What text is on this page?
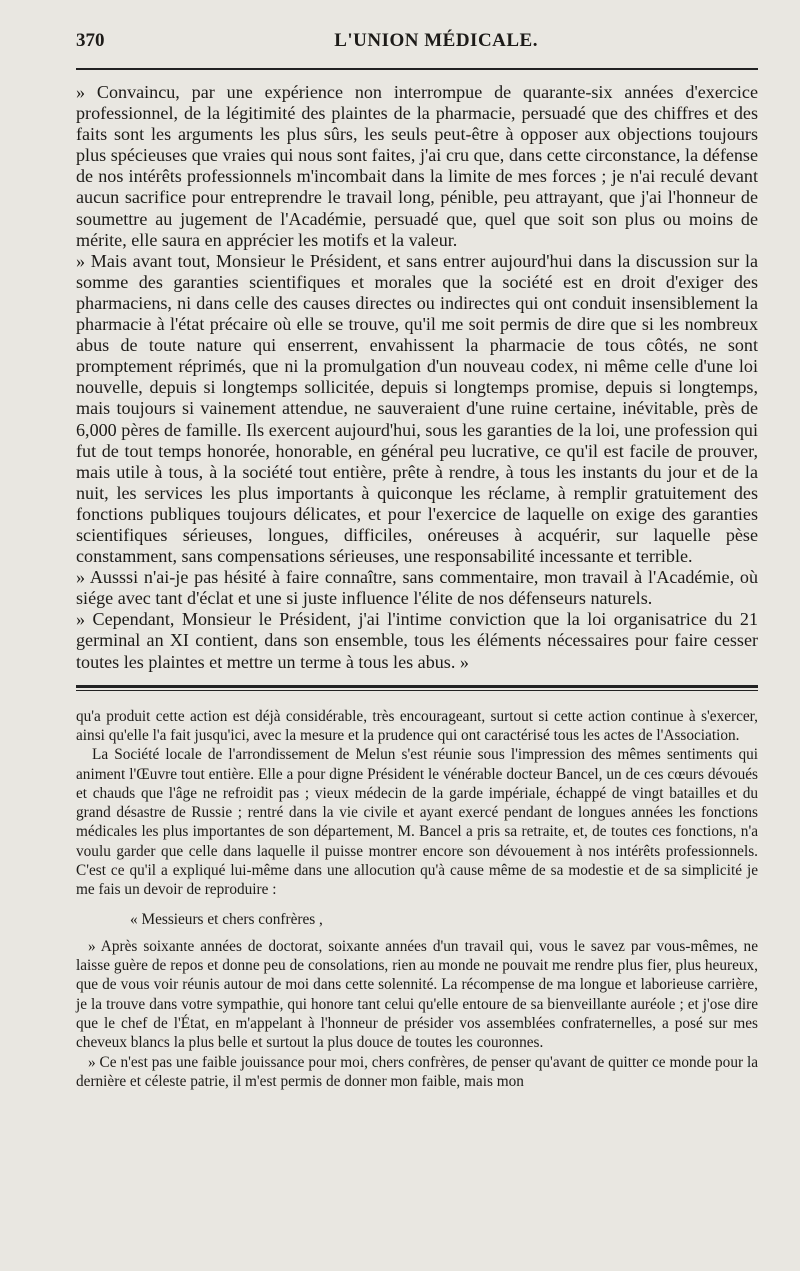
370	L'UNION MÉDICALE.

» Convaincu, par une expérience non interrompue de quarante-six années d'exercice professionnel, de la légitimité des plaintes de la pharmacie, persuadé que des chiffres et des faits sont les arguments les plus sûrs, les seuls peut-être à opposer aux objections toujours plus spécieuses que vraies qui nous sont faites, j'ai cru que, dans cette circonstance, la défense de nos intérêts professionnels m'incombait dans la limite de mes forces ; je n'ai reculé devant aucun sacrifice pour entreprendre le travail long, pénible, peu attrayant, que j'ai l'honneur de soumettre au jugement de l'Académie, persuadé que, quel que soit son plus ou moins de mérite, elle saura en apprécier les motifs et la valeur.

» Mais avant tout, Monsieur le Président, et sans entrer aujourd'hui dans la discussion sur la somme des garanties scientifiques et morales que la société est en droit d'exiger des pharmaciens, ni dans celle des causes directes ou indirectes qui ont conduit insensiblement la pharmacie à l'état précaire où elle se trouve, qu'il me soit permis de dire que si les nombreux abus de toute nature qui enserrent, envahissent la pharmacie de tous côtés, ne sont promptement réprimés, que ni la promulgation d'un nouveau codex, ni même celle d'une loi nouvelle, depuis si longtemps sollicitée, depuis si longtemps promise, depuis si longtemps, mais toujours si vainement attendue, ne sauveraient d'une ruine certaine, inévitable, près de 6,000 pères de famille. Ils exercent aujourd'hui, sous les garanties de la loi, une profession qui fut de tout temps honorée, honorable, en général peu lucrative, ce qu'il est facile de prouver, mais utile à tous, à la société tout entière, prête à rendre, à tous les instants du jour et de la nuit, les services les plus importants à quiconque les réclame, à remplir gratuitement des fonctions publiques toujours délicates, et pour l'exercice de laquelle on exige des garanties scientifiques sérieuses, longues, difficiles, onéreuses à acquérir, sur laquelle pèse constamment, sans compensations sérieuses, une responsabilité incessante et terrible.

» Ausssi n'ai-je pas hésité à faire connaître, sans commentaire, mon travail à l'Académie, où siége avec tant d'éclat et une si juste influence l'élite de nos défenseurs naturels.

» Cependant, Monsieur le Président, j'ai l'intime conviction que la loi organisatrice du 21 germinal an XI contient, dans son ensemble, tous les éléments nécessaires pour faire cesser toutes les plaintes et mettre un terme à tous les abus. »

qu'a produit cette action est déjà considérable, très encourageant, surtout si cette action continue à s'exercer, ainsi qu'elle l'a fait jusqu'ici, avec la mesure et la prudence qui ont caractérisé tous les actes de l'Association.

La Société locale de l'arrondissement de Melun s'est réunie sous l'impression des mêmes sentiments qui animent l'Œuvre tout entière. Elle a pour digne Président le vénérable docteur Bancel, un de ces cœurs dévoués et chauds que l'âge ne refroidit pas ; vieux médecin de la garde impériale, échappé de vingt batailles et du grand désastre de Russie ; rentré dans la vie civile et ayant exercé pendant de longues années les fonctions médicales les plus importantes de son département, M. Bancel a pris sa retraite, et, de toutes ces fonctions, n'a voulu garder que celle dans laquelle il puisse montrer encore son dévouement à nos intérêts professionnels. C'est ce qu'il a expliqué lui-même dans une allocution qu'à cause même de sa modestie et de sa simplicité je me fais un devoir de reproduire :

« Messieurs et chers confrères ,

» Après soixante années de doctorat, soixante années d'un travail qui, vous le savez par vous-mêmes, ne laisse guère de repos et donne peu de consolations, rien au monde ne pouvait me rendre plus fier, plus heureux, que de vous voir réunis autour de moi dans cette solennité. La récompense de ma longue et laborieuse carrière, je la trouve dans votre sympathie, qui honore tant celui qu'elle entoure de sa bienveillante auréole ; et j'ose dire que le chef de l'État, en m'appelant à l'honneur de présider vos assemblées confraternelles, a posé sur mes cheveux blancs la plus belle et surtout la plus douce de toutes les couronnes.

» Ce n'est pas une faible jouissance pour moi, chers confrères, de penser qu'avant de quitter ce monde pour la dernière et céleste patrie, il m'est permis de donner mon faible, mais mon
